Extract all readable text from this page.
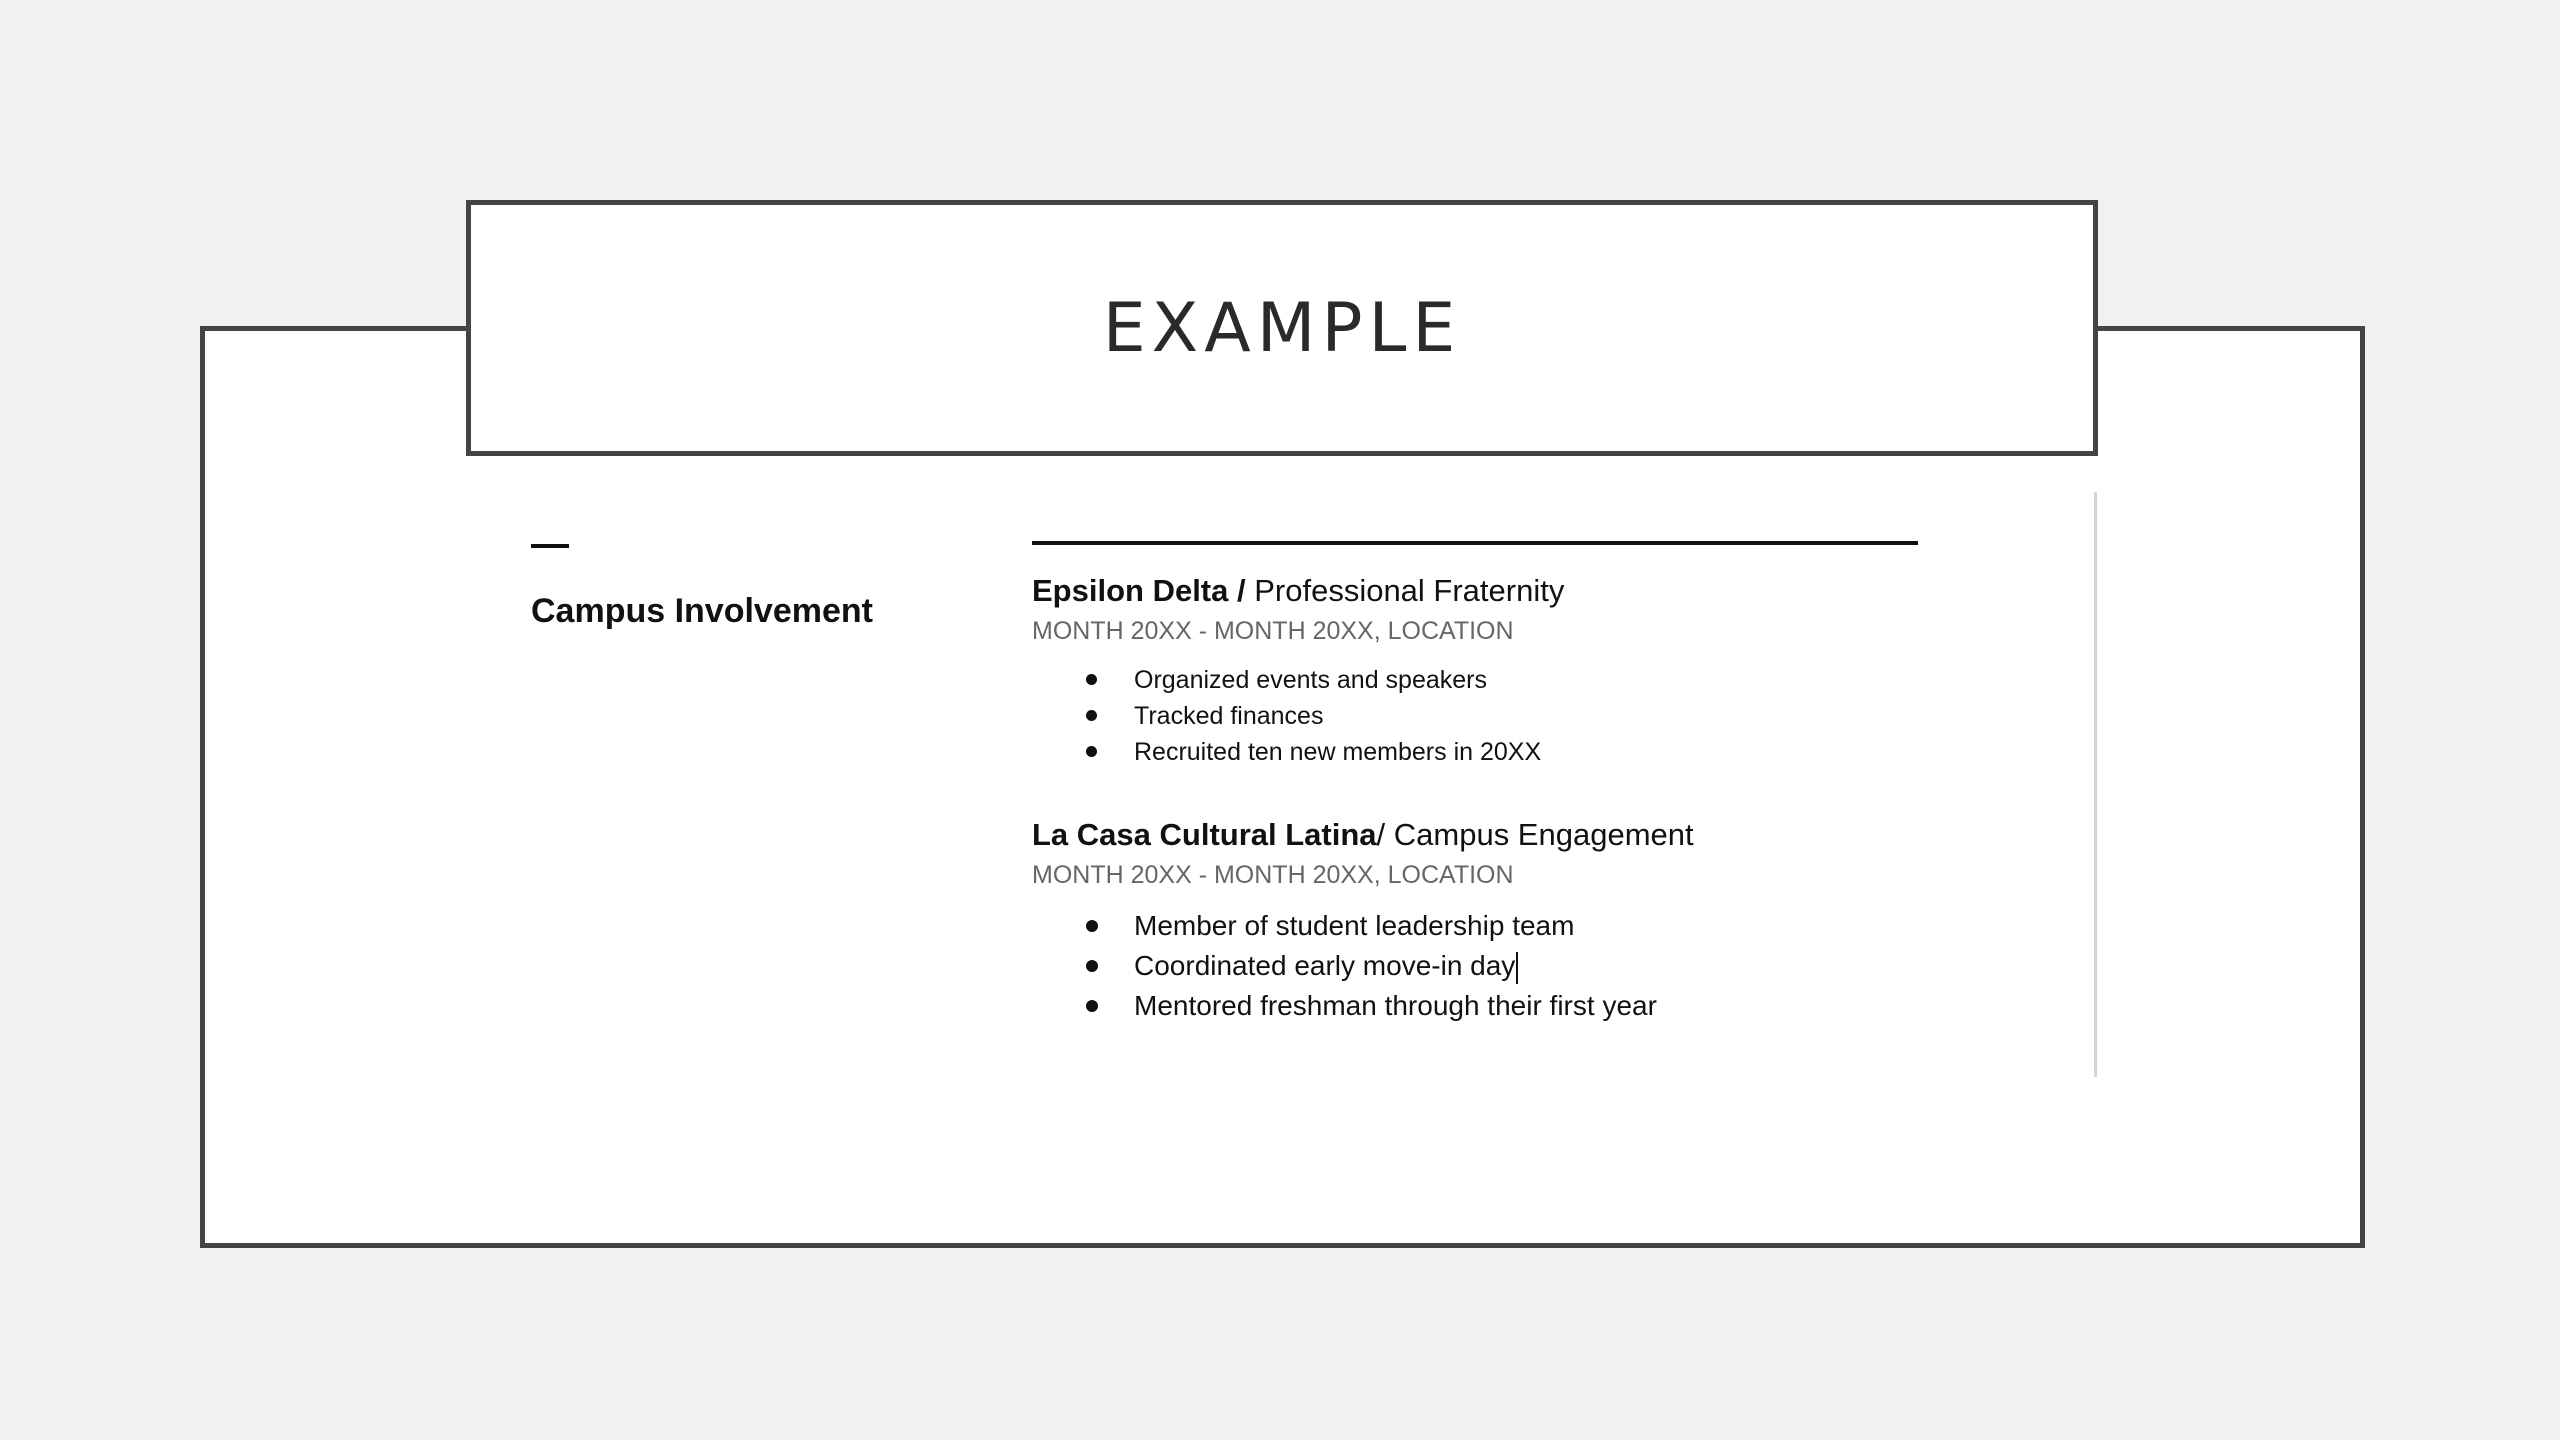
EXAMPLE
Campus Involvement
Epsilon Delta / Professional Fraternity
MONTH 20XX - MONTH 20XX, LOCATION
Organized events and speakers
Tracked finances
Recruited ten new members in 20XX
La Casa Cultural Latina/ Campus Engagement
MONTH 20XX - MONTH 20XX, LOCATION
Member of student leadership team
Coordinated early move-in day
Mentored freshman through their first year
